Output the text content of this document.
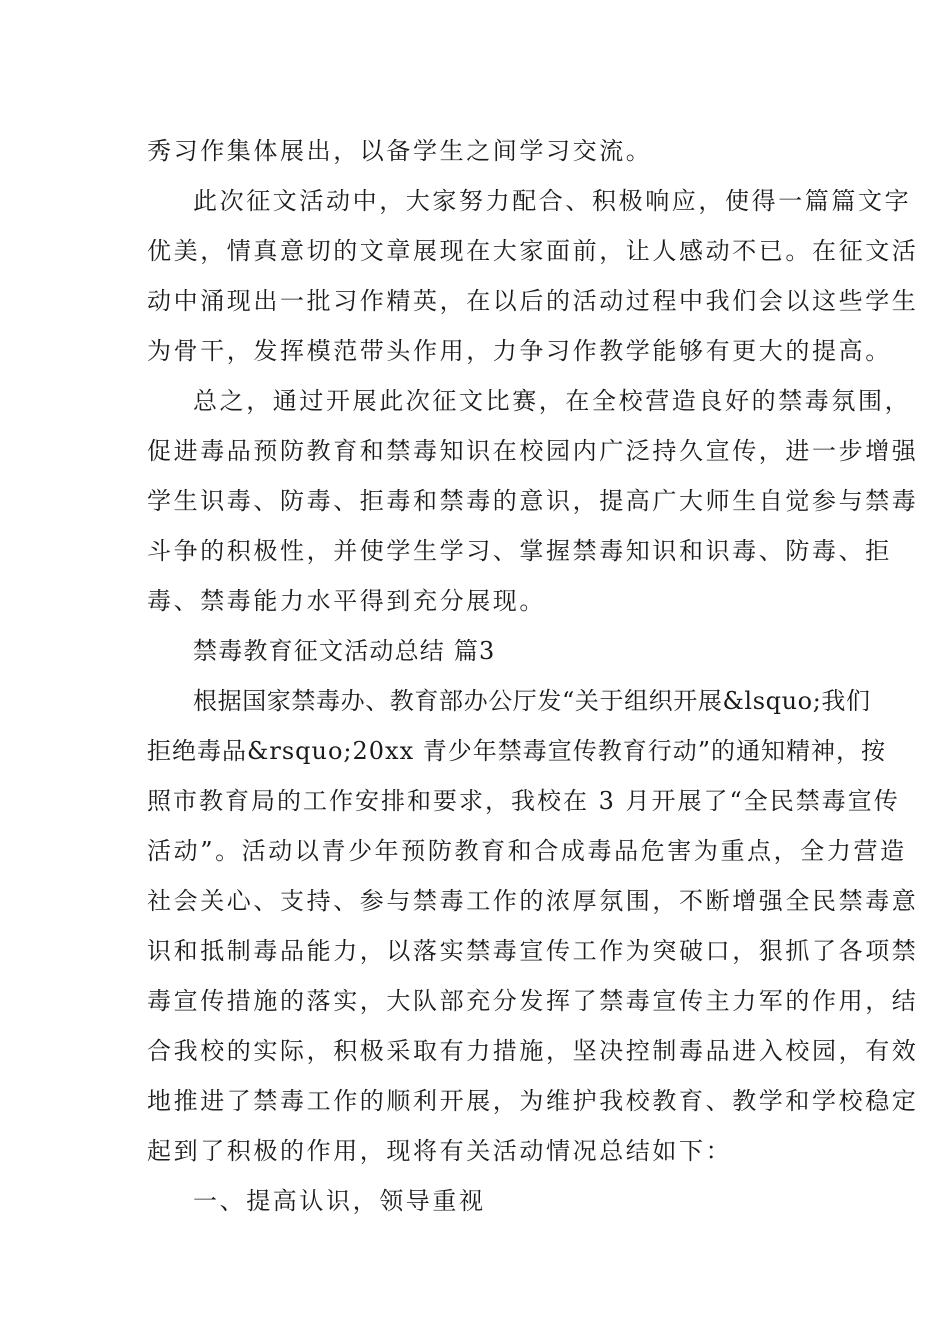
秀习作集体展出，以备学生之间学习交流。
此次征文活动中，大家努力配合、积极响应，使得一篇篇文字
优美，情真意切的文章展现在大家面前，让人感动不已。在征文活
动中涌现出一批习作精英，在以后的活动过程中我们会以这些学生
为骨干，发挥模范带头作用，力争习作教学能够有更大的提高。
总之，通过开展此次征文比赛，在全校营造良好的禁毒氛围，
促进毒品预防教育和禁毒知识在校园内广泛持久宣传，进一步增强
学生识毒、防毒、拒毒和禁毒的意识，提高广大师生自觉参与禁毒
斗争的积极性，并使学生学习、掌握禁毒知识和识毒、防毒、拒
毒、禁毒能力水平得到充分展现。
禁毒教育征文活动总结 篇3
根据国家禁毒办、教育部办公厅发“关于组织开展&lsquo;我们
拒绝毒品&rsquo;20xx 青少年禁毒宣传教育行动”的通知精神，按
照市教育局的工作安排和要求，我校在 3 月开展了“全民禁毒宣传
活动”。活动以青少年预防教育和合成毒品危害为重点，全力营造
社会关心、支持、参与禁毒工作的浓厚氛围，不断增强全民禁毒意
识和抵制毒品能力，以落实禁毒宣传工作为突破口，狠抓了各项禁
毒宣传措施的落实，大队部充分发挥了禁毒宣传主力军的作用，结
合我校的实际，积极采取有力措施，坚决控制毒品进入校园，有效
地推进了禁毒工作的顺利开展，为维护我校教育、教学和学校稳定
起到了积极的作用，现将有关活动情况总结如下：
一、提高认识，领导重视
